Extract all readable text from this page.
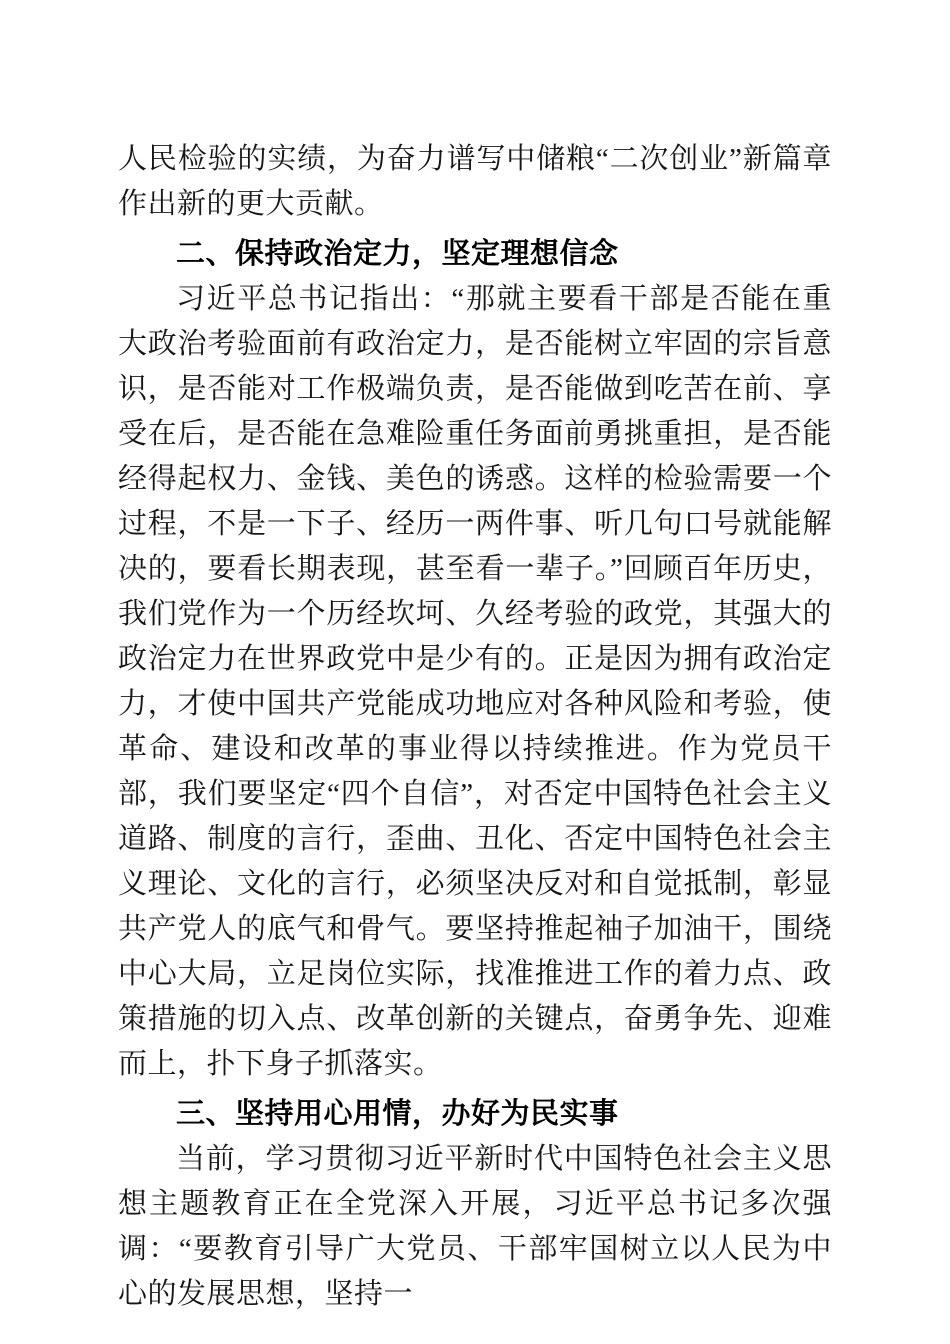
人民检验的实绩，为奋力谱写中储粮“二次创业”新篇章作出新的更大贡献。

二、保持政治定力，坚定理想信念

习近平总书记指出：“那就主要看干部是否能在重大政治考验面前有政治定力，是否能树立牢固的宗旨意识，是否能对工作极端负责，是否能做到吃苦在前、享受在后，是否能在急难险重任务面前勇挑重担，是否能经得起权力、金钱、美色的诱惑。这样的检验需要一个过程，不是一下子、经历一两件事、听几句口号就能解决的，要看长期表现，甚至看一辈子。”回顾百年历史，我们党作为一个历经坎坷、久经考验的政党，其强大的政治定力在世界政党中是少有的。正是因为拥有政治定力，才使中国共产党能成功地应对各种风险和考验，使革命、建设和改革的事业得以持续推进。作为党员干部，我们要坚定“四个自信”，对否定中国特色社会主义道路、制度的言行，歪曲、丑化、否定中国特色社会主义理论、文化的言行，必须坚决反对和自觉抵制，彰显共产党人的底气和骨气。要坚持推起袖子加油干，围绕中心大局，立足岗位实际，找准推进工作的着力点、政策措施的切入点、改革创新的关键点，奋勇争先、迎难而上，扑下身子抓落实。

三、坚持用心用情，办好为民实事

当前，学习贯彻习近平新时代中国特色社会主义思想主题教育正在全党深入开展，习近平总书记多次强调：“要教育引导广大党员、干部牢国树立以人民为中心的发展思想，坚持一
